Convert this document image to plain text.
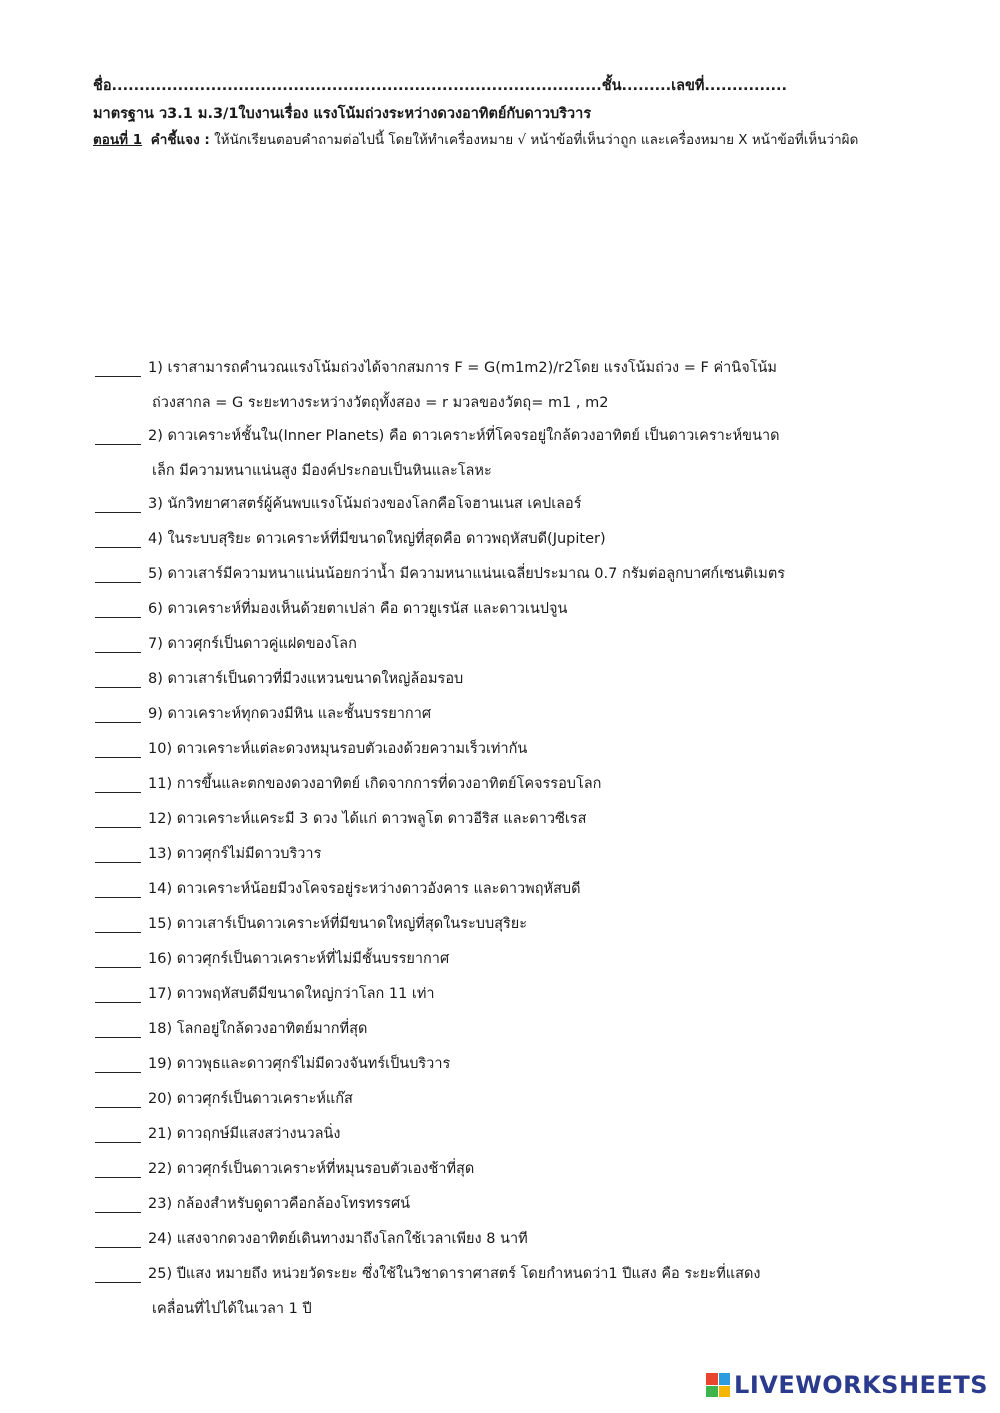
ชื่อ.........................................................................................ชั้น.........เลขที่...............
มาตรฐาน ว3.1 ม.3/1ใบงานเรื่อง แรงโน้มถ่วงระหว่างดวงอาทิตย์กับดาวบริวาร
ตอนที่ 1 คำชี้แจง : ให้นักเรียนตอบคำถามต่อไปนี้ โดยให้ทำเครื่องหมาย √ หน้าข้อที่เห็นว่าถูก และเครื่องหมาย X หน้าข้อที่เห็นว่าผิด
1) เราสามารถคำนวณแรงโน้มถ่วงได้จากสมการ F = G(m1m2)/r2โดย แรงโน้มถ่วง = F ค่านิจโน้ม
ถ่วงสากล = G ระยะทางระหว่างวัตถุทั้งสอง = r มวลของวัตถุ= m1 , m2
2) ดาวเคราะห์ชั้นใน(Inner Planets) คือ ดาวเคราะห์ที่โคจรอยู่ใกล้ดวงอาทิตย์ เป็นดาวเคราะห์ขนาด
เล็ก มีความหนาแน่นสูง มีองค์ประกอบเป็นหินและโลหะ
3) นักวิทยาศาสตร์ผู้ค้นพบแรงโน้มถ่วงของโลกคือโจฮานเนส เคปเลอร์
4) ในระบบสุริยะ ดาวเคราะห์ที่มีขนาดใหญ่ที่สุดคือ ดาวพฤหัสบดี(Jupiter)
5) ดาวเสาร์มีความหนาแน่นน้อยกว่าน้ำ มีความหนาแน่นเฉลี่ยประมาณ 0.7 กรัมต่อลูกบาศก์เซนติเมตร
6) ดาวเคราะห์ที่มองเห็นด้วยตาเปล่า คือ ดาวยูเรนัส และดาวเนปจูน
7) ดาวศุกร์เป็นดาวคู่แฝดของโลก
8) ดาวเสาร์เป็นดาวที่มีวงแหวนขนาดใหญ่ล้อมรอบ
9) ดาวเคราะห์ทุกดวงมีหิน และชั้นบรรยากาศ
10) ดาวเคราะห์แต่ละดวงหมุนรอบตัวเองด้วยความเร็วเท่ากัน
11) การขึ้นและตกของดวงอาทิตย์ เกิดจากการที่ดวงอาทิตย์โคจรรอบโลก
12) ดาวเคราะห์แคระมี 3 ดวง ได้แก่ ดาวพลูโต ดาวอีริส และดาวซีเรส
13) ดาวศุกร์ไม่มีดาวบริวาร
14) ดาวเคราะห์น้อยมีวงโคจรอยู่ระหว่างดาวอังคาร และดาวพฤหัสบดี
15) ดาวเสาร์เป็นดาวเคราะห์ที่มีขนาดใหญ่ที่สุดในระบบสุริยะ
16) ดาวศุกร์เป็นดาวเคราะห์ที่ไม่มีชั้นบรรยากาศ
17) ดาวพฤหัสบดีมีขนาดใหญ่กว่าโลก 11 เท่า
18) โลกอยู่ใกล้ดวงอาทิตย์มากที่สุด
19) ดาวพุธและดาวศุกร์ไม่มีดวงจันทร์เป็นบริวาร
20) ดาวศุกร์เป็นดาวเคราะห์แก๊ส
21) ดาวฤกษ์มีแสงสว่างนวลนิ่ง
22) ดาวศุกร์เป็นดาวเคราะห์ที่หมุนรอบตัวเองช้าที่สุด
23) กล้องสำหรับดูดาวคือกล้องโทรทรรศน์
24) แสงจากดวงอาทิตย์เดินทางมาถึงโลกใช้เวลาเพียง 8 นาที
25) ปีแสง หมายถึง หน่วยวัดระยะ ซึ่งใช้ในวิชาดาราศาสตร์ โดยกำหนดว่า1 ปีแสง คือ ระยะที่แสดง
เคลื่อนที่ไปได้ในเวลา 1 ปี
LIVEWORKSHEETS
